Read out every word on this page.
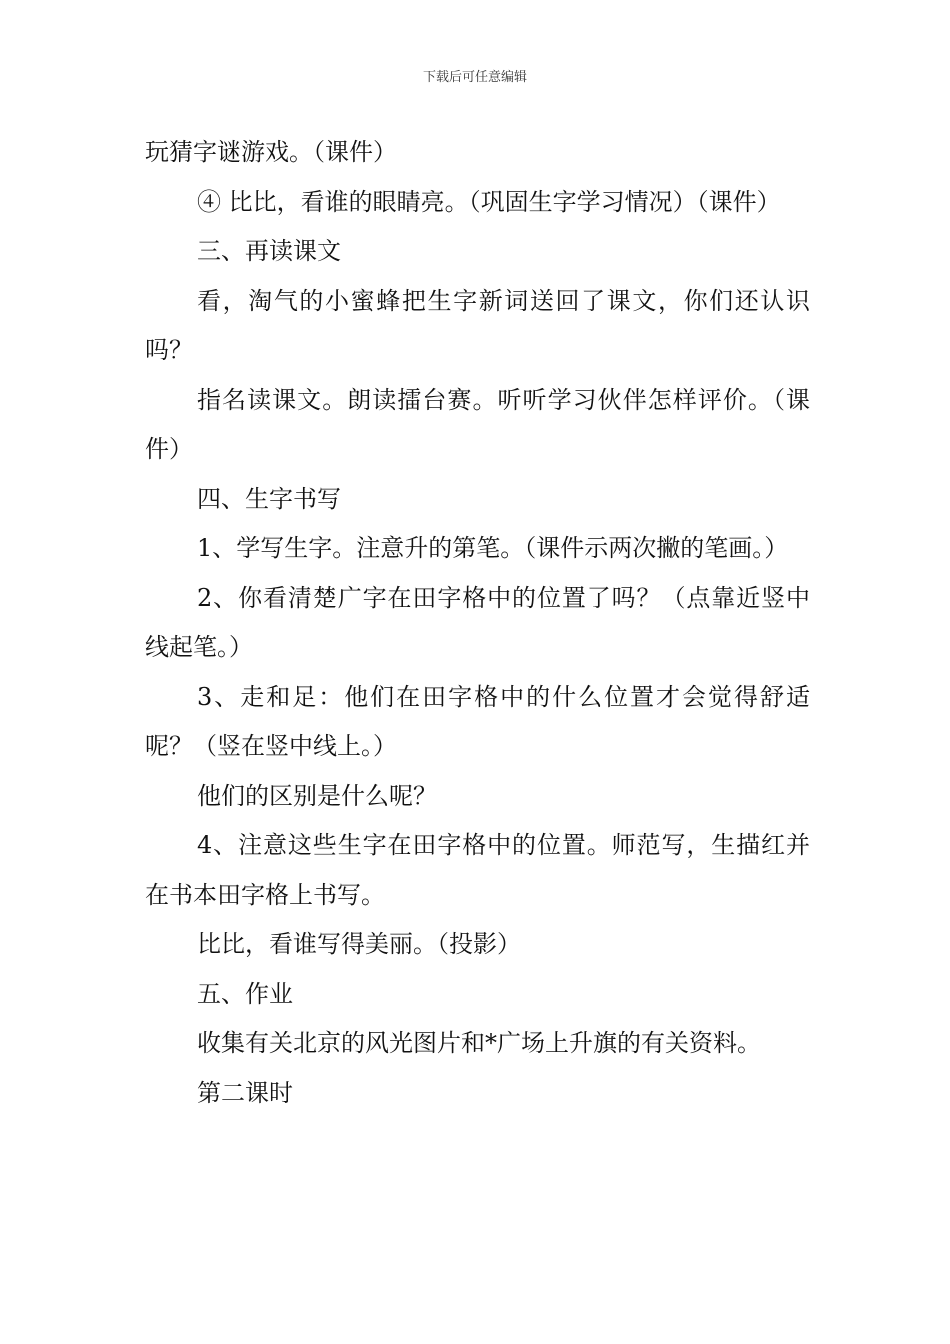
下载后可任意编辑

玩猜字谜游戏。（课件）

④ 比比，看谁的眼睛亮。（巩固生字学习情况）（课件）

三、再读课文

看，淘气的小蜜蜂把生字新词送回了课文，你们还认识吗？

指名读课文。朗读擂台赛。听听学习伙伴怎样评价。（课件）

四、生字书写

1、学写生字。注意升的第笔。（课件示两次撇的笔画。）

2、你看清楚广字在田字格中的位置了吗？（点靠近竖中线起笔。）

3、走和足：他们在田字格中的什么位置才会觉得舒适呢？（竖在竖中线上。）

他们的区别是什么呢？

4、注意这些生字在田字格中的位置。师范写，生描红并在书本田字格上书写。

比比，看谁写得美丽。（投影）

五、作业

收集有关北京的风光图片和*广场上升旗的有关资料。

第二课时
